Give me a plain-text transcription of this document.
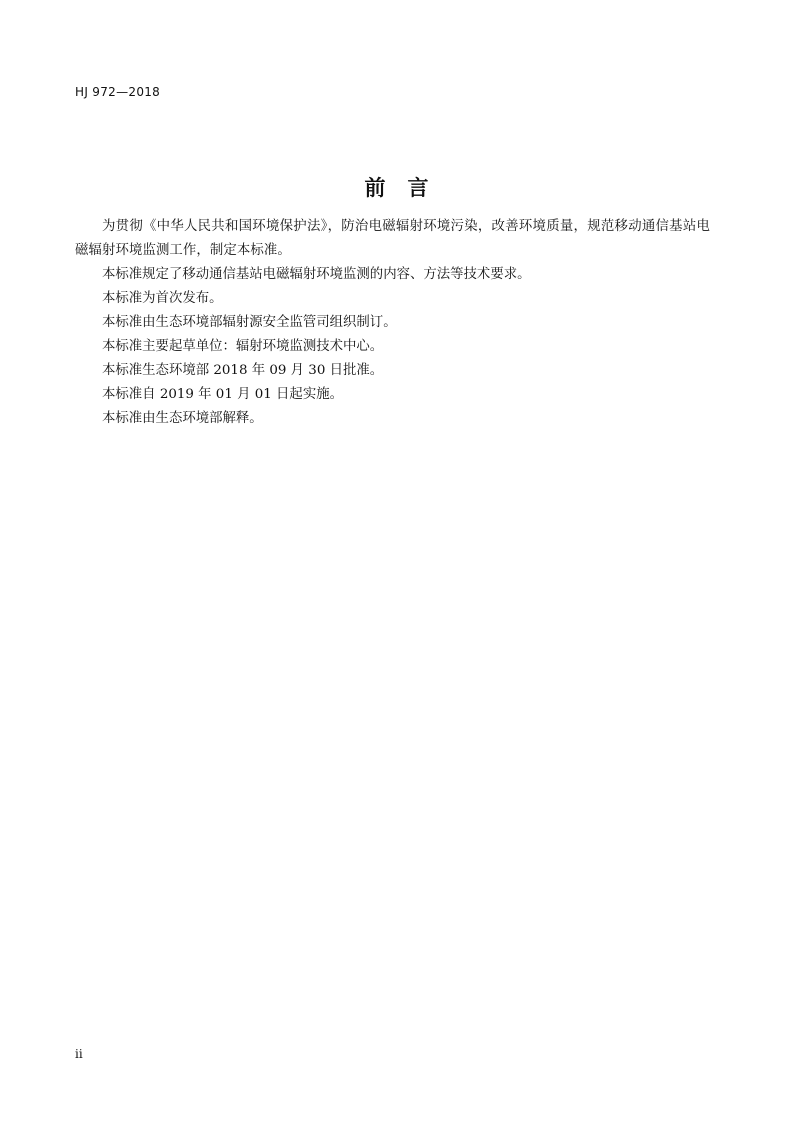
HJ 972—2018
前言

为贯彻《中华人民共和国环境保护法》，防治电磁辐射环境污染，改善环境质量，规范移动通信基站电磁辐射环境监测工作，制定本标准。

本标准规定了移动通信基站电磁辐射环境监测的内容、方法等技术要求。

本标准为首次发布。

本标准由生态环境部辐射源安全监管司组织制订。

本标准主要起草单位：辐射环境监测技术中心。

本标准生态环境部 2018 年 09 月 30 日批准。

本标准自 2019 年 01 月 01 日起实施。

本标准由生态环境部解释。

ii
